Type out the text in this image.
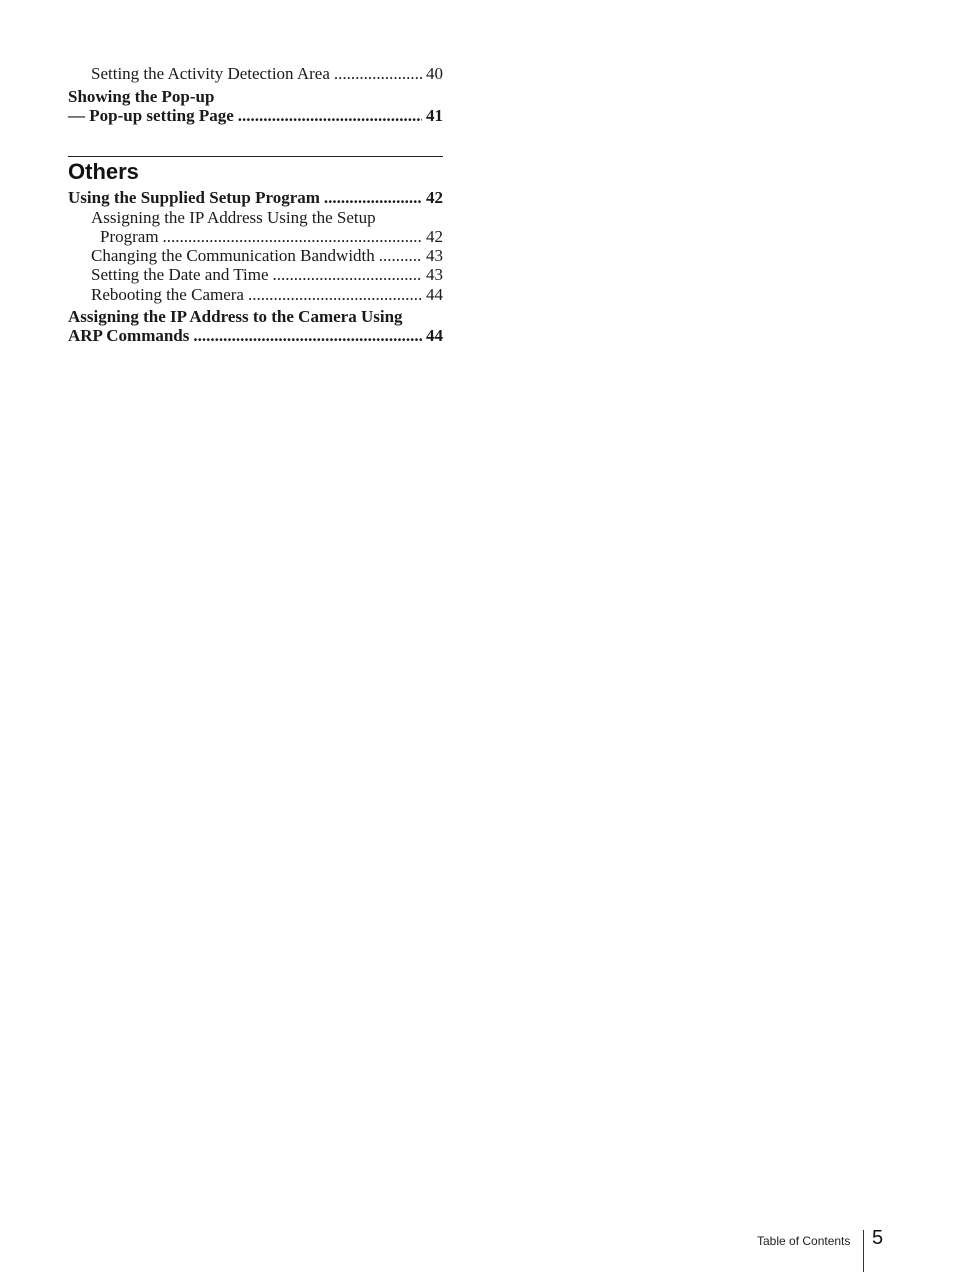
Setting the Activity Detection Area .....	40
Showing the Pop-up
— Pop-up setting Page .....	41
Others
Using the Supplied Setup Program .....	42
Assigning the IP Address Using the Setup
Program .....	42
Changing the Communication Bandwidth .....	43
Setting the Date and Time .....	43
Rebooting the Camera .....	44
Assigning the IP Address to the Camera Using
ARP Commands .....	44
Table of Contents 5
